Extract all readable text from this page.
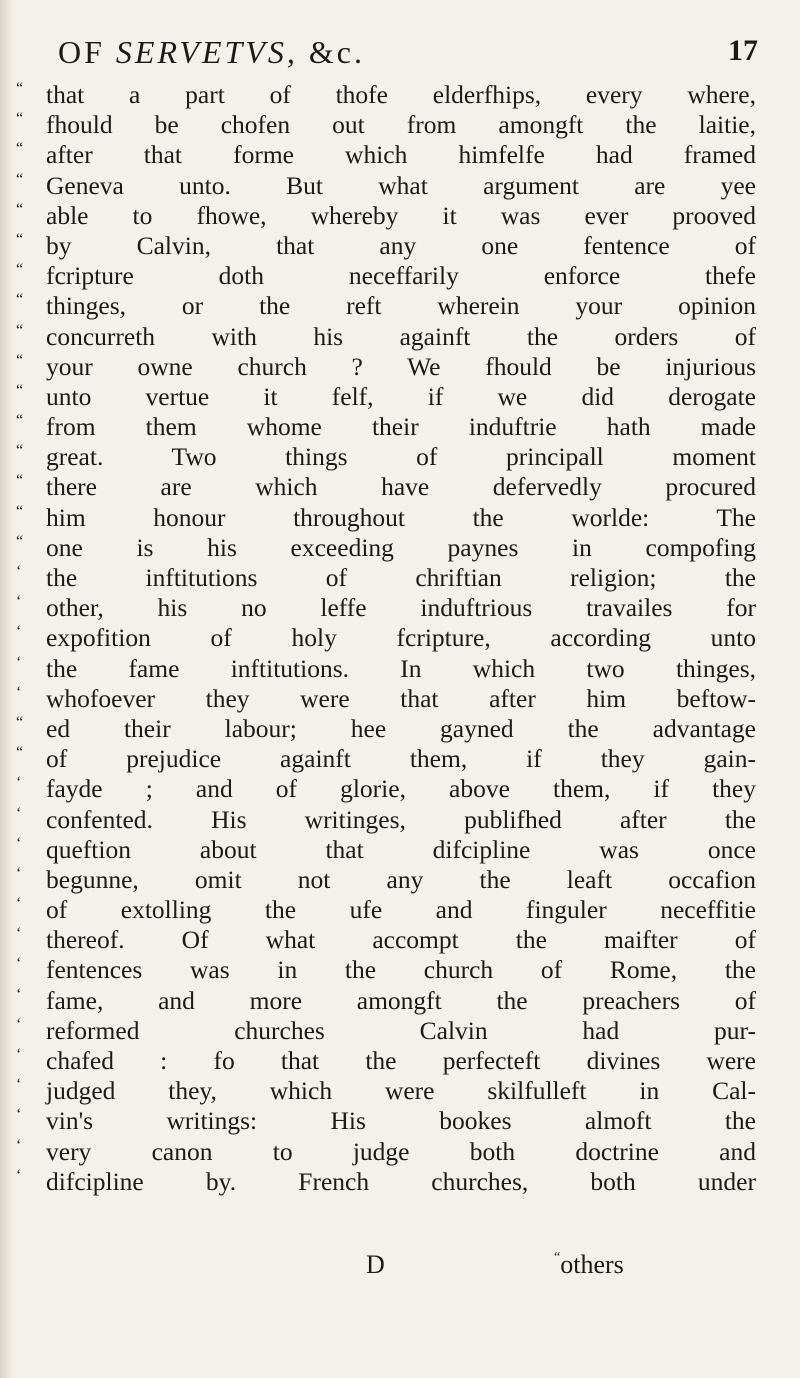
OF SERVETVS, &c.	17
“ that a part of thofe elderfhips, every where,
“ fhould be chofen out from amongft the laitie,
“ after that forme which himfelfe had framed
“ Geneva unto. But what argument are yee
“ able to fhowe, whereby it was ever prooved
“ by Calvin, that any one fentence of
“ fcripture doth neceffarily enforce thefe
“ thinges, or the reft wherein your opinion
“ concurreth with his againft the orders of
“ your owne church ? We fhould be injurious
“ unto vertue it felf, if we did derogate
“ from them whome their induftrie hath made
“ great. Two things of principall moment
“ there are which have defervedly procured
“ him honour throughout the worlde: The
“ one is his exceeding paynes in compofing
‘ the inftitutions of chriftian religion; the
‘ other, his no leffe induftrious travailes for
‘ expofition of holy fcripture, according unto
‘ the fame inftitutions. In which two thinges,
‘ whofoever they were that after him beftow-
“ ed their labour; hee gayned the advantage
“ of prejudice againft them, if they gain-
‘ fayde ; and of glorie, above them, if they
‘ confented. His writinges, publifhed after the
‘ queftion about that difcipline was once
‘ begunne, omit not any the leaft occafion
‘ of extolling the ufe and finguler neceffitie
‘ thereof. Of what accompt the maifter of
‘ fentences was in the church of Rome, the
‘ fame, and more amongft the preachers of
‘ reformed churches Calvin had pur-
‘ chafed : fo that the perfecteft divines were
‘ judged they, which were skilfulleft in Cal-
‘ vin's writings: His bookes almoft the
‘ very canon to judge both doctrine and
‘ difcipline by. French churches, both under
D	“others
